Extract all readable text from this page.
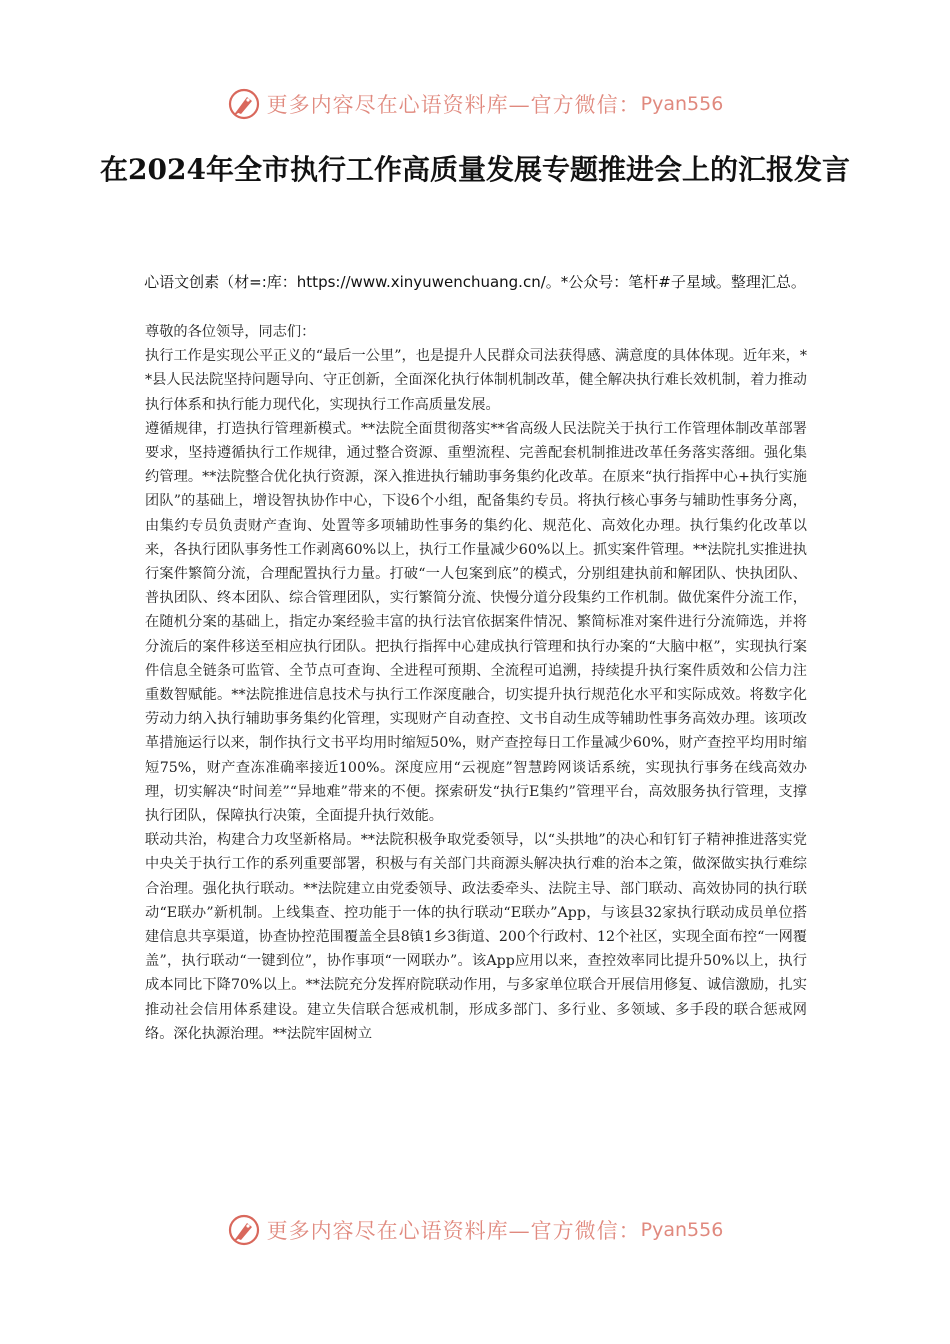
更多内容尽在心语资料库—官方微信： Pyan556
在2024年全市执行工作高质量发展专题推进会上的汇报发言
心语文创素（材=:库：https://www.xinyuwenchuang.cn/。*公众号：笔杆#子星域。整理汇总。

尊敬的各位领导，同志们：

执行工作是实现公平正义的“最后一公里”，也是提升人民群众司法获得感、满意度的具体体现。近年来，**县人民法院坚持问题导向、守正创新，全面深化执行体制机制改革，健全解决执行难长效机制，着力推动执行体系和执行能力现代化，实现执行工作高质量发展。

遵循规律，打造执行管理新模式。**法院全面贯彻落实**省高级人民法院关于执行工作管理体制改革部署要求，坚持遵循执行工作规律，通过整合资源、重塑流程、完善配套机制推进改革任务落实落细。强化集约管理。**法院整合优化执行资源，深入推进执行辅助事务集约化改革。在原来“执行指挥中心+执行实施团队”的基础上，增设智执协作中心，下设6个小组，配备集约专员。将执行核心事务与辅助性事务分离，由集约专员负责财产查询、处置等多项辅助性事务的集约化、规范化、高效化办理。执行集约化改革以来，各执行团队事务性工作剥离60%以上，执行工作量减少60%以上。抓实案件管理。**法院扎实推进执行案件繁简分流，合理配置执行力量。打破“一人包案到底”的模式，分别组建执前和解团队、快执团队、普执团队、终本团队、综合管理团队，实行繁简分流、快慢分道分段集约工作机制。做优案件分流工作，在随机分案的基础上，指定办案经验丰富的执行法官依据案件情况、繁简标准对案件进行分流筛选，并将分流后的案件移送至相应执行团队。把执行指挥中心建成执行管理和执行办案的“大脑中枢”，实现执行案件信息全链条可监管、全节点可查询、全进程可预期、全流程可追溯，持续提升执行案件质效和公信力注重数智赋能。**法院推进信息技术与执行工作深度融合，切实提升执行规范化水平和实际成效。将数字化劳动力纳入执行辅助事务集约化管理，实现财产自动查控、文书自动生成等辅助性事务高效办理。该项改革措施运行以来，制作执行文书平均用时缩短50%，财产查控每日工作量减少60%，财产查控平均用时缩短75%，财产查冻准确率接近100%。深度应用“云视庭”智慧跨网谈话系统，实现执行事务在线高效办理，切实解决“时间差”“异地难”带来的不便。探索研发“执行E集约”管理平台，高效服务执行管理，支撑执行团队，保障执行决策，全面提升执行效能。

联动共治，构建合力攻坚新格局。**法院积极争取党委领导，以“头拱地”的决心和钉钉子精神推进落实党中央关于执行工作的系列重要部署，积极与有关部门共商源头解决执行难的治本之策，做深做实执行难综合治理。强化执行联动。**法院建立由党委领导、政法委牵头、法院主导、部门联动、高效协同的执行联动“E联办”新机制。上线集查、控功能于一体的执行联动“E联办”App，与该县32家执行联动成员单位搭建信息共享渠道，协查协控范围覆盖全县8镇1乡3街道、200个行政村、12个社区，实现全面布控“一网覆盖”，执行联动“一键到位”，协作事项“一网联办”。该App应用以来，查控效率同比提升50%以上，执行成本同比下降70%以上。**法院充分发挥府院联动作用，与多家单位联合开展信用修复、诚信激励，扎实推动社会信用体系建设。建立失信联合惩戒机制，形成多部门、多行业、多领域、多手段的联合惩戒网络。深化执源治理。**法院牢固树立

更多内容尽在心语资料库—官方微信： Pyan556
